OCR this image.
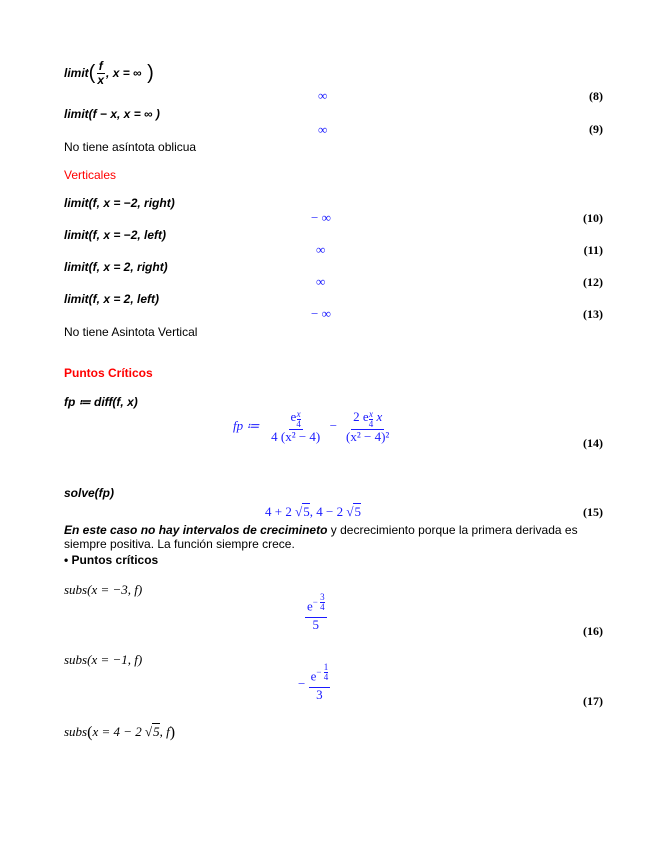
limit( $\frac{f}{x}$ , x = ∞ )
∞	(8)
limit(f − x, x = ∞ )
∞	(9)
No tiene asíntota oblicua
Verticales
limit(f, x = −2, right)
− ∞	(10)
limit(f, x = −2, left)
∞	(11)
limit(f, x = 2, right)
∞	(12)
limit(f, x = 2, left)
− ∞	(13)
No tiene Asintota Vertical
Puntos Críticos
fp ≔ diff(f, x)
fp ≔ e $^{\frac{x}{4}}$
4 (x² − 4) − 2 e $^{\frac{x}{4}}$ x
(x² − 4)²	(14)
solve(fp)
4 + 2 √5, 4 − 2 √5	(15)
En este caso no hay intervalos de crecimineto y decrecimiento porque la primera derivada es siempre positiva. La función siempre crece.
• Puntos críticos
subs(x = −3, f)
$e^{- \frac{3}{4}}$
5	(16)
subs(x = −1, f)
− $e^{- \frac{1}{4}}$
3	(17)
subs(x = 4 − 2 √5, f)
